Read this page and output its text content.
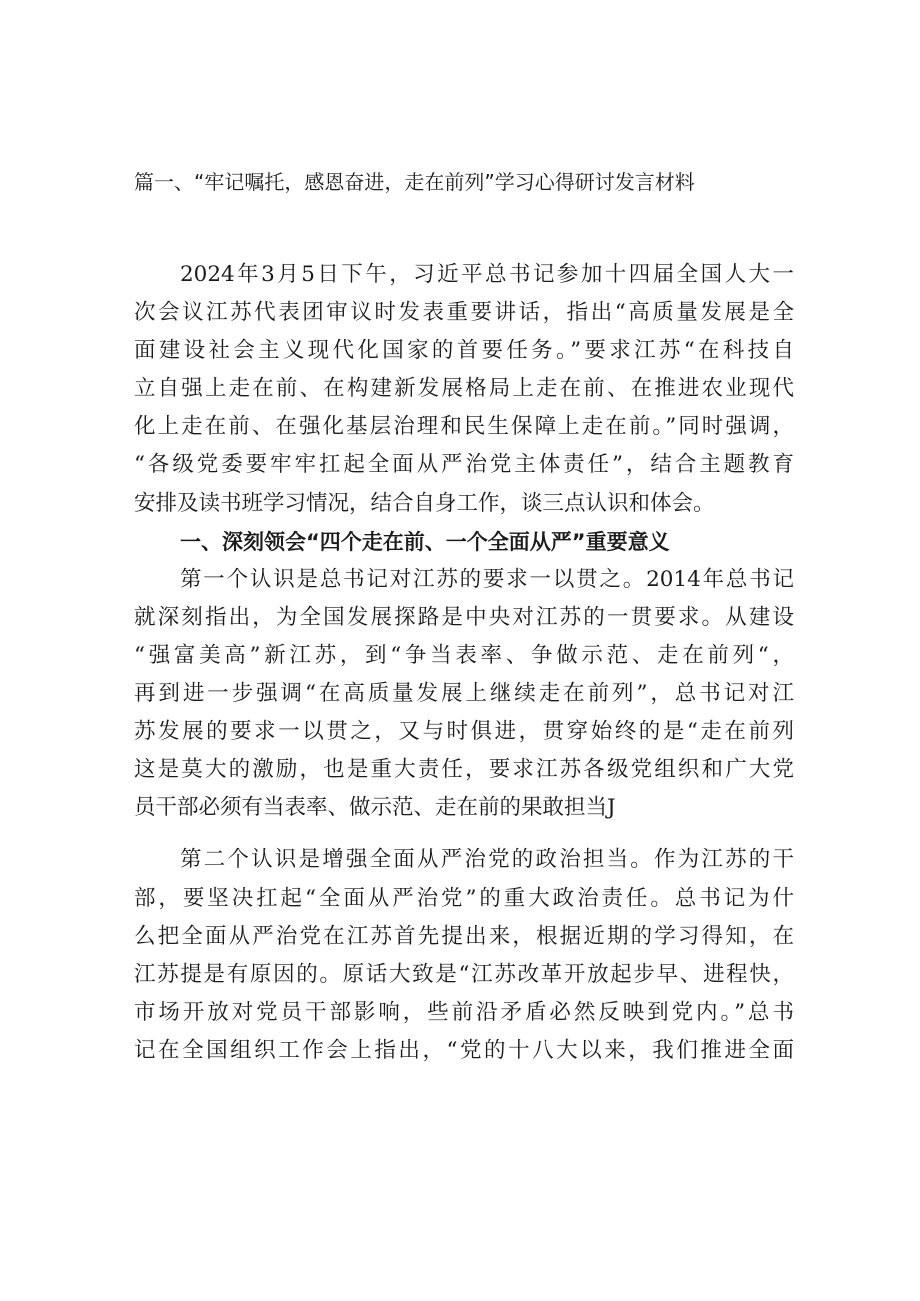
篇一、“牢记嘱托，感恩奋进，走在前列”学习心得研讨发言材料
2024年3月5日下午，习近平总书记参加十四届全国人大一
次会议江苏代表团审议时发表重要讲话，指出“高质量发展是全
面建设社会主义现代化国家的首要任务。”要求江苏“在科技自
立自强上走在前、在构建新发展格局上走在前、在推进农业现代
化上走在前、在强化基层治理和民生保障上走在前。”同时强调，
“各级党委要牢牢扛起全面从严治党主体责任”，结合主题教育
安排及读书班学习情况，结合自身工作，谈三点认识和体会。
一、深刻领会“四个走在前、一个全面从严”重要意义
第一个认识是总书记对江苏的要求一以贯之。2014年总书记
就深刻指出，为全国发展探路是中央对江苏的一贯要求。从建设
“强富美高”新江苏，到“争当表率、争做示范、走在前列“，
再到进一步强调“在高质量发展上继续走在前列”，总书记对江
苏发展的要求一以贯之，又与时俱进，贯穿始终的是“走在前列
这是莫大的激励，也是重大责任，要求江苏各级党组织和广大党
员干部必须有当表率、做示范、走在前的果敢担当J
第二个认识是增强全面从严治党的政治担当。作为江苏的干
部，要坚决扛起“全面从严治党”的重大政治责任。总书记为什
么把全面从严治党在江苏首先提出来，根据近期的学习得知，在
江苏提是有原因的。原话大致是“江苏改革开放起步早、进程快，
市场开放对党员干部影响，些前沿矛盾必然反映到党内。”总书
记在全国组织工作会上指出，“党的十八大以来，我们推进全面
